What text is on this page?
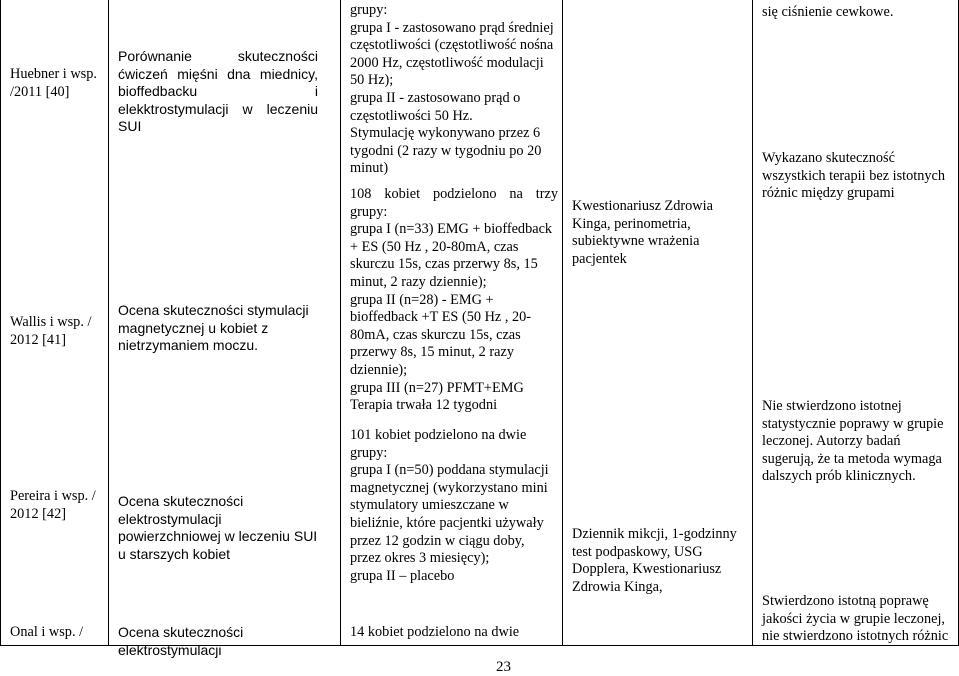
Huebner i wsp. /2011 [40]
Porównanie skuteczności ćwiczeń mięśni dna miednicy, bioffedbacku i elekktrostymulacji w leczeniu SUI

grupy:

grupa I - zastosowano prąd średniej częstotliwości (częstotliwość nośna 2000 Hz, częstotliwość modulacji 50 Hz);

grupa II - zastosowano prąd o częstotliwości 50 Hz.

Stymulację wykonywano przez 6 tygodni (2 razy w tygodniu po 20 minut)

się ciśnienie cewkowe.
Wallis i wsp. / 2012 [41]
Ocena skuteczności stymulacji magnetycznej u kobiet z nietrzymaniem moczu.

108 kobiet podzielono na trzy grupy:

grupa I (n=33) EMG + bioffedback + ES (50 Hz , 20-80mA, czas skurczu 15s, czas przerwy 8s, 15 minut, 2 razy dziennie);

grupa II (n=28) - EMG + bioffedback +T ES (50 Hz , 20-80mA, czas skurczu 15s, czas przerwy 8s, 15 minut, 2 razy dziennie);

grupa III (n=27) PFMT+EMG

Terapia trwała 12 tygodni

Kwestionariusz Zdrowia Kinga, perinometria, subiektywne wrażenia pacjentek
Wykazano skuteczność wszystkich terapii bez istotnych różnic między grupami
Pereira i wsp. / 2012 [42]
Ocena skuteczności elektrostymulacji powierzchniowej w leczeniu SUI u starszych kobiet

101 kobiet podzielono na dwie grupy:

grupa I (n=50) poddana stymulacji magnetycznej (wykorzystano mini stymulatory umieszczane w bieliźnie, które pacjentki używały przez 12 godzin w ciągu doby, przez okres 3 miesięcy);

grupa II – placebo

Dziennik mikcji, 1-godzinny test podpaskowy, USG Dopplera, Kwestionariusz Zdrowia Kinga,
Nie stwierdzono istotnej statystycznie poprawy w grupie leczonej. Autorzy badań sugerują, że ta metoda wymaga dalszych prób klinicznych.
Onal i wsp. /	Ocena skuteczności elektrostymulacji

14 kobiet podzielono na dwie

Stwierdzono istotną poprawę jakości życia w grupie leczonej, nie stwierdzono istotnych różnic
23
